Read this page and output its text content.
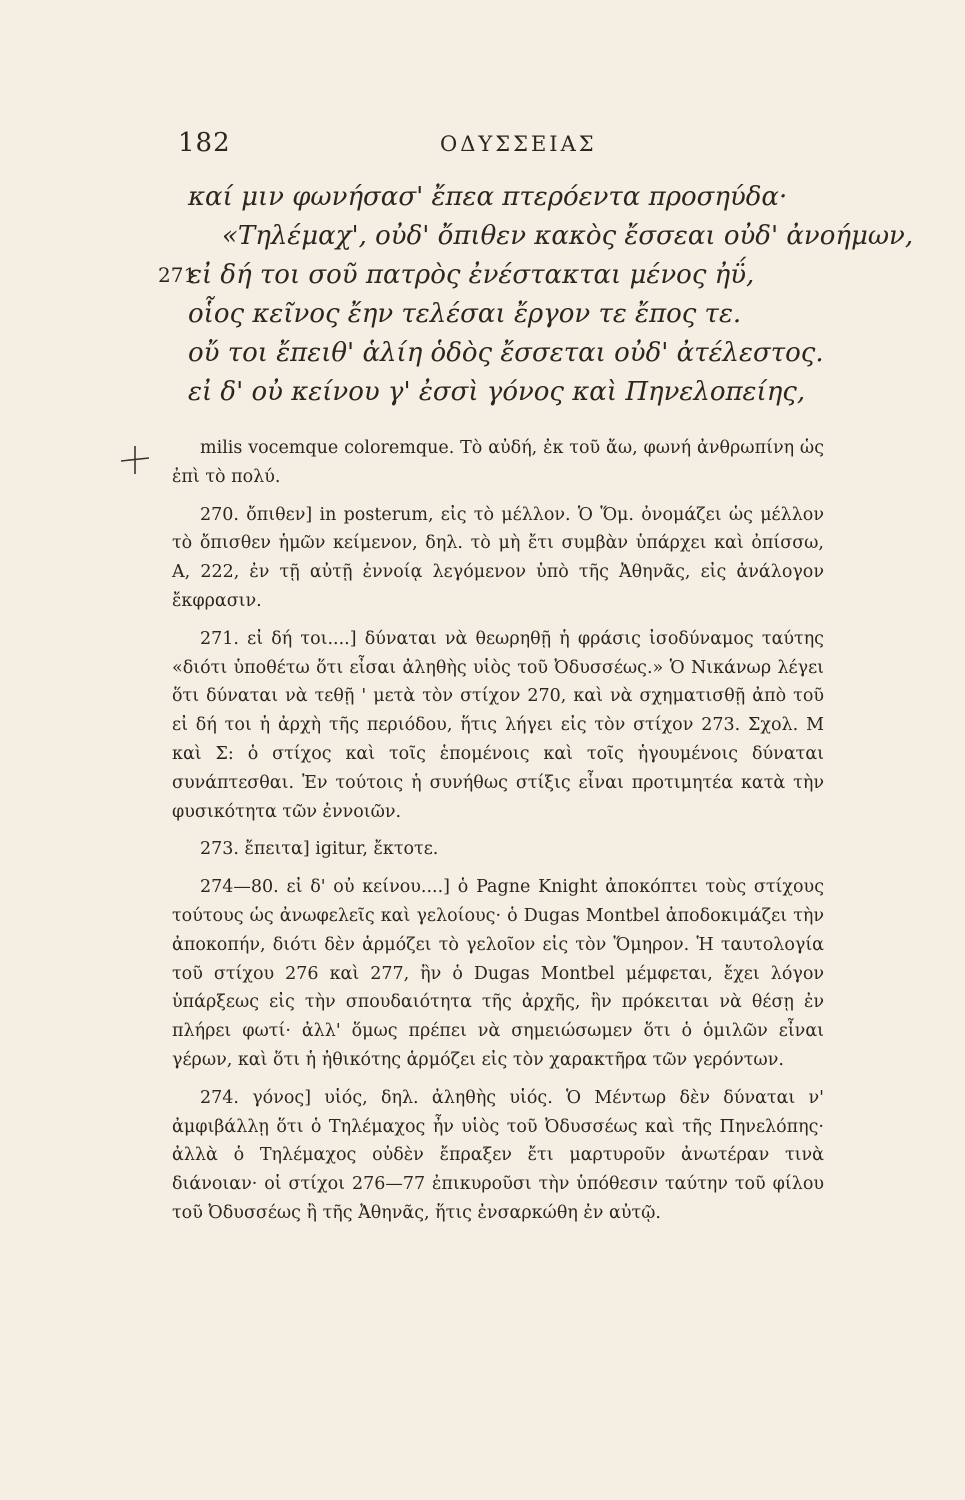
182	ΟΔΥΣΣΕΙΑΣ
καί μιν φωνήσασ' ἔπεα πτερόεντα προσηύδα·
«Τηλέμαχ', οὐδ' ὄπιθεν κακὸς ἔσσεαι οὐδ' ἀνοήμων,
271
εἰ δή τοι σοῦ πατρὸς ἐνέστακται μένος ἠΰ,
οἷος κεῖνος ἔην τελέσαι ἔργον τε ἔπος τε.
οὔ τοι ἔπειθ' ἁλίη ὁδὸς ἔσσεται οὐδ' ἀτέλεστος.
εἰ δ' οὐ κείνου γ' ἐσσὶ γόνος καὶ Πηνελοπείης,

milis vocemque coloremque. Τὸ αὐδή, ἐκ τοῦ ἄω, φωνή ἀνθρωπίνη ὡς ἐπὶ τὸ πολύ.

270. ὄπιθεν] in posterum, εἰς τὸ μέλλον. Ὁ Ὅμ. ὀνομάζει ὡς μέλλον τὸ ὄπισθεν ἡμῶν κείμενον, δηλ. τὸ μὴ ἔτι συμβὰν ὑπάρχει καὶ ὀπίσσω, Α, 222, ἐν τῇ αὐτῇ ἐννοίᾳ λεγόμενον ὑπὸ τῆς Ἀθηνᾶς, εἰς ἀνάλογον ἔκφρασιν.

271. εἰ δή τοι....] δύναται νὰ θεωρηθῇ ἡ φράσις ἰσοδύναμος ταύτης «διότι ὑποθέτω ὅτι εἶσαι ἀληθὴς υἱὸς τοῦ Ὀδυσσέως.» Ὁ Νικάνωρ λέγει ὅτι δύναται νὰ τεθῇ ' μετὰ τὸν στίχον 270, καὶ νὰ σχηματισθῇ ἀπὸ τοῦ εἰ δή τοι ἡ ἀρχὴ τῆς περιόδου, ἥτις λήγει εἰς τὸν στίχον 273. Σχολ. Μ καὶ Σ: ὁ στίχος καὶ τοῖς ἑπομένοις καὶ τοῖς ἡγουμένοις δύναται συνάπτεσθαι. Ἐν τούτοις ἡ συνήθως στίξις εἶναι προτιμητέα κατὰ τὴν φυσικότητα τῶν ἐννοιῶν.

273. ἔπειτα] igitur, ἔκτοτε.

274—80. εἰ δ' οὐ κείνου....] ὁ Pagne Knight ἀποκόπτει τοὺς στίχους τούτους ὡς ἀνωφελεῖς καὶ γελοίους· ὁ Dugas Montbel ἀποδοκιμάζει τὴν ἀποκοπήν, διότι δὲν ἁρμόζει τὸ γελοῖον εἰς τὸν Ὅμηρον. Ἡ ταυτολογία τοῦ στίχου 276 καὶ 277, ἣν ὁ Dugas Montbel μέμφεται, ἔχει λόγον ὑπάρξεως εἰς τὴν σπουδαιότητα τῆς ἀρχῆς, ἣν πρόκειται νὰ θέσῃ ἐν πλήρει φωτί· ἀλλ' ὅμως πρέπει νὰ σημειώσωμεν ὅτι ὁ ὁμιλῶν εἶναι γέρων, καὶ ὅτι ἡ ἠθικότης ἁρμόζει εἰς τὸν χαρακτῆρα τῶν γερόντων.

274. γόνος] υἱός, δηλ. ἀληθὴς υἱός. Ὁ Μέντωρ δὲν δύναται ν' ἀμφιβάλλῃ ὅτι ὁ Τηλέμαχος ἦν υἱὸς τοῦ Ὀδυσσέως καὶ τῆς Πηνελόπης· ἀλλὰ ὁ Τηλέμαχος οὐδὲν ἔπραξεν ἔτι μαρτυροῦν ἀνωτέραν τινὰ διάνοιαν· οἱ στίχοι 276—77 ἐπικυροῦσι τὴν ὑπόθεσιν ταύτην τοῦ φίλου τοῦ Ὀδυσσέως ἢ τῆς Ἀθηνᾶς, ἥτις ἐνσαρκώθη ἐν αὐτῷ.
